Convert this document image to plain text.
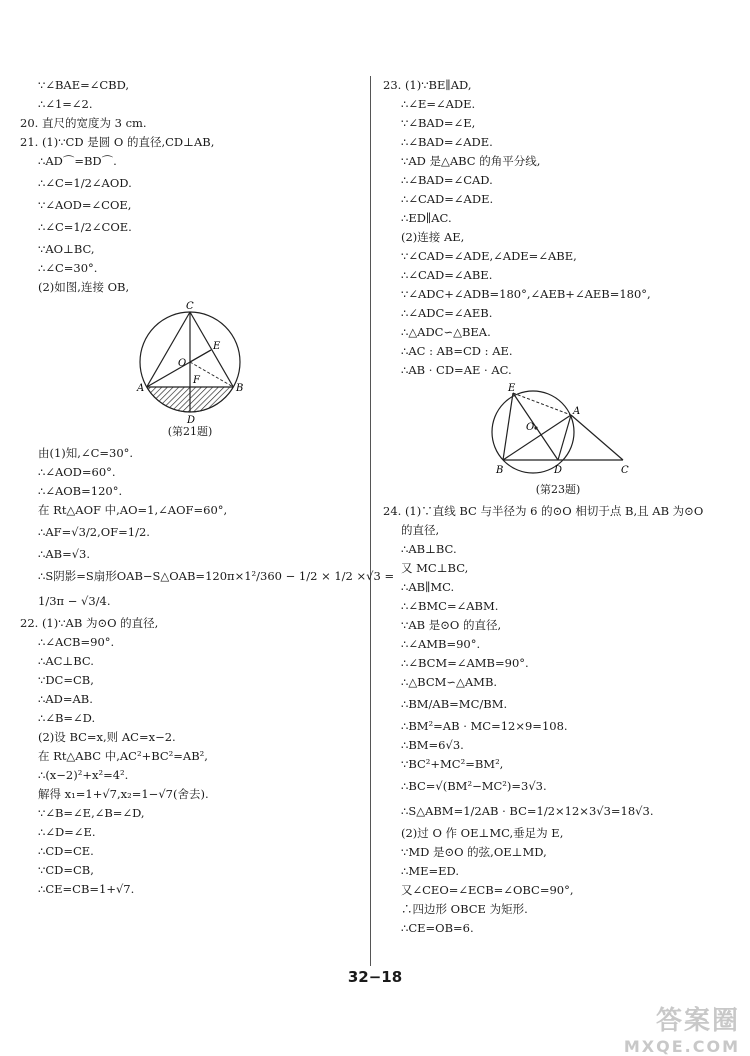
∵∠BAE=∠CBD,
∴∠1=∠2.
20. 直尺的宽度为 3 cm.
21. (1)∵CD 是圆 O 的直径,CD⊥AB,
∴AD⌒=BD⌒.
∴∠C=1/2∠AOD.
∵∠AOD=∠COE,
∴∠C=1/2∠COE.
∵AO⊥BC,
∴∠C=30°.
(2)如图,连接 OB,
C
O
E
F
A	B
D
(第21题)
由(1)知,∠C=30°.
∴∠AOD=60°.
∴∠AOB=120°.
在 Rt△AOF 中,AO=1,∠AOF=60°,
∴AF=√3/2,OF=1/2.
∴AB=√3.
∴S阴影=S扇形OAB−S△OAB=120π×1²/360 − 1/2 × 1/2 ×√3 =
1/3π − √3/4.
22. (1)∵AB 为⊙O 的直径,
∴∠ACB=90°.
∴AC⊥BC.
∵DC=CB,
∴AD=AB.
∴∠B=∠D.
(2)设 BC=x,则 AC=x−2.
在 Rt△ABC 中,AC²+BC²=AB²,
∴(x−2)²+x²=4².
解得 x₁=1+√7,x₂=1−√7(舍去).
∵∠B=∠E,∠B=∠D,
∴∠D=∠E.
∴CD=CE.
∵CD=CB,
∴CE=CB=1+√7.
23. (1)∵BE∥AD,
∴∠E=∠ADE.
∵∠BAD=∠E,
∴∠BAD=∠ADE.
∵AD 是△ABC 的角平分线,
∴∠BAD=∠CAD.
∴∠CAD=∠ADE.
∴ED∥AC.
(2)连接 AE,
∵∠CAD=∠ADE,∠ADE=∠ABE,
∴∠CAD=∠ABE.
∵∠ADC+∠ADB=180°,∠AEB+∠AEB=180°,
∴∠ADC=∠AEB.
∴△ADC∽△BEA.
∴AC : AB=CD : AE.
∴AB · CD=AE · AC.
E
A
O
B	D	C
(第23题)
24. (1)∵直线 BC 与半径为 6 的⊙O 相切于点 B,且 AB 为⊙O
的直径,
∴AB⊥BC.
又 MC⊥BC,
∴AB∥MC.
∴∠BMC=∠ABM.
∵AB 是⊙O 的直径,
∴∠AMB=90°.
∴∠BCM=∠AMB=90°.
∴△BCM∽△AMB.
∴BM/AB=MC/BM.
∴BM²=AB · MC=12×9=108.
∴BM=6√3.
∵BC²+MC²=BM²,
∴BC=√(BM²−MC²)=3√3.
∴S△ABM=1/2AB · BC=1/2×12×3√3=18√3.
(2)过 O 作 OE⊥MC,垂足为 E,
∵MD 是⊙O 的弦,OE⊥MD,
∴ME=ED.
又∠CEO=∠ECB=∠OBC=90°,
∴四边形 OBCE 为矩形.
∴CE=OB=6.
32−18
答案圈
MXQE.COM
